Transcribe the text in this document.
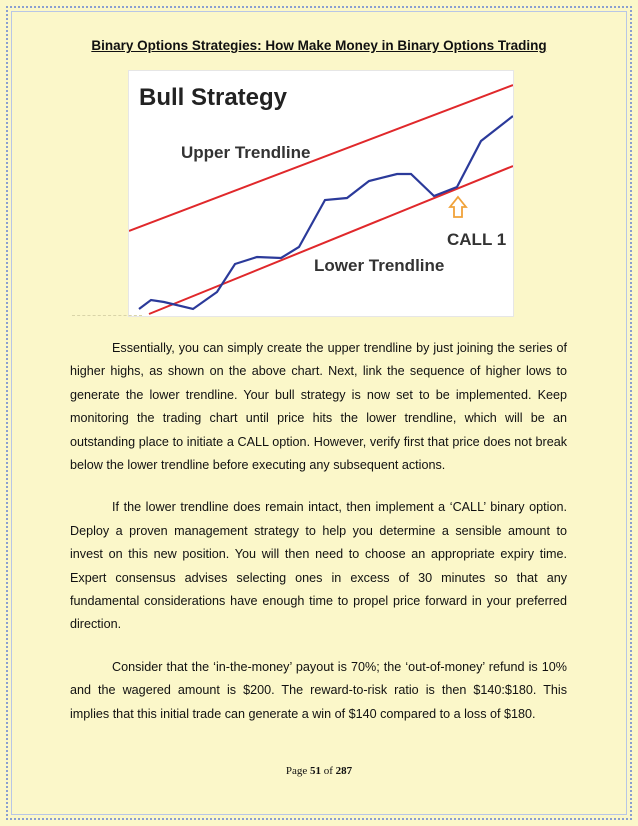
Binary Options Strategies: How Make Money in Binary Options Trading
Bull Strategy
Upper Trendline
Lower Trendline
CALL 1

Essentially, you can simply create the upper trendline by just joining the series of higher highs, as shown on the above chart. Next, link the sequence of higher lows to generate the lower trendline. Your bull strategy is now set to be implemented. Keep monitoring the trading chart until price hits the lower trendline, which will be an outstanding place to initiate a CALL option. However, verify first that price does not break below the lower trendline before executing any subsequent actions.

If the lower trendline does remain intact, then implement a ‘CALL’ binary option. Deploy a proven management strategy to help you determine a sensible amount to invest on this new position. You will then need to choose an appropriate expiry time. Expert consensus advises selecting ones in excess of 30 minutes so that any fundamental considerations have enough time to propel price forward in your preferred direction.

Consider that the ‘in-the-money’ payout is 70%; the ‘out-of-money’ refund is 10% and the wagered amount is $200. The reward-to-risk ratio is then $140:$180. This implies that this initial trade can generate a win of $140 compared to a loss of $180.

Page 51 of 287
